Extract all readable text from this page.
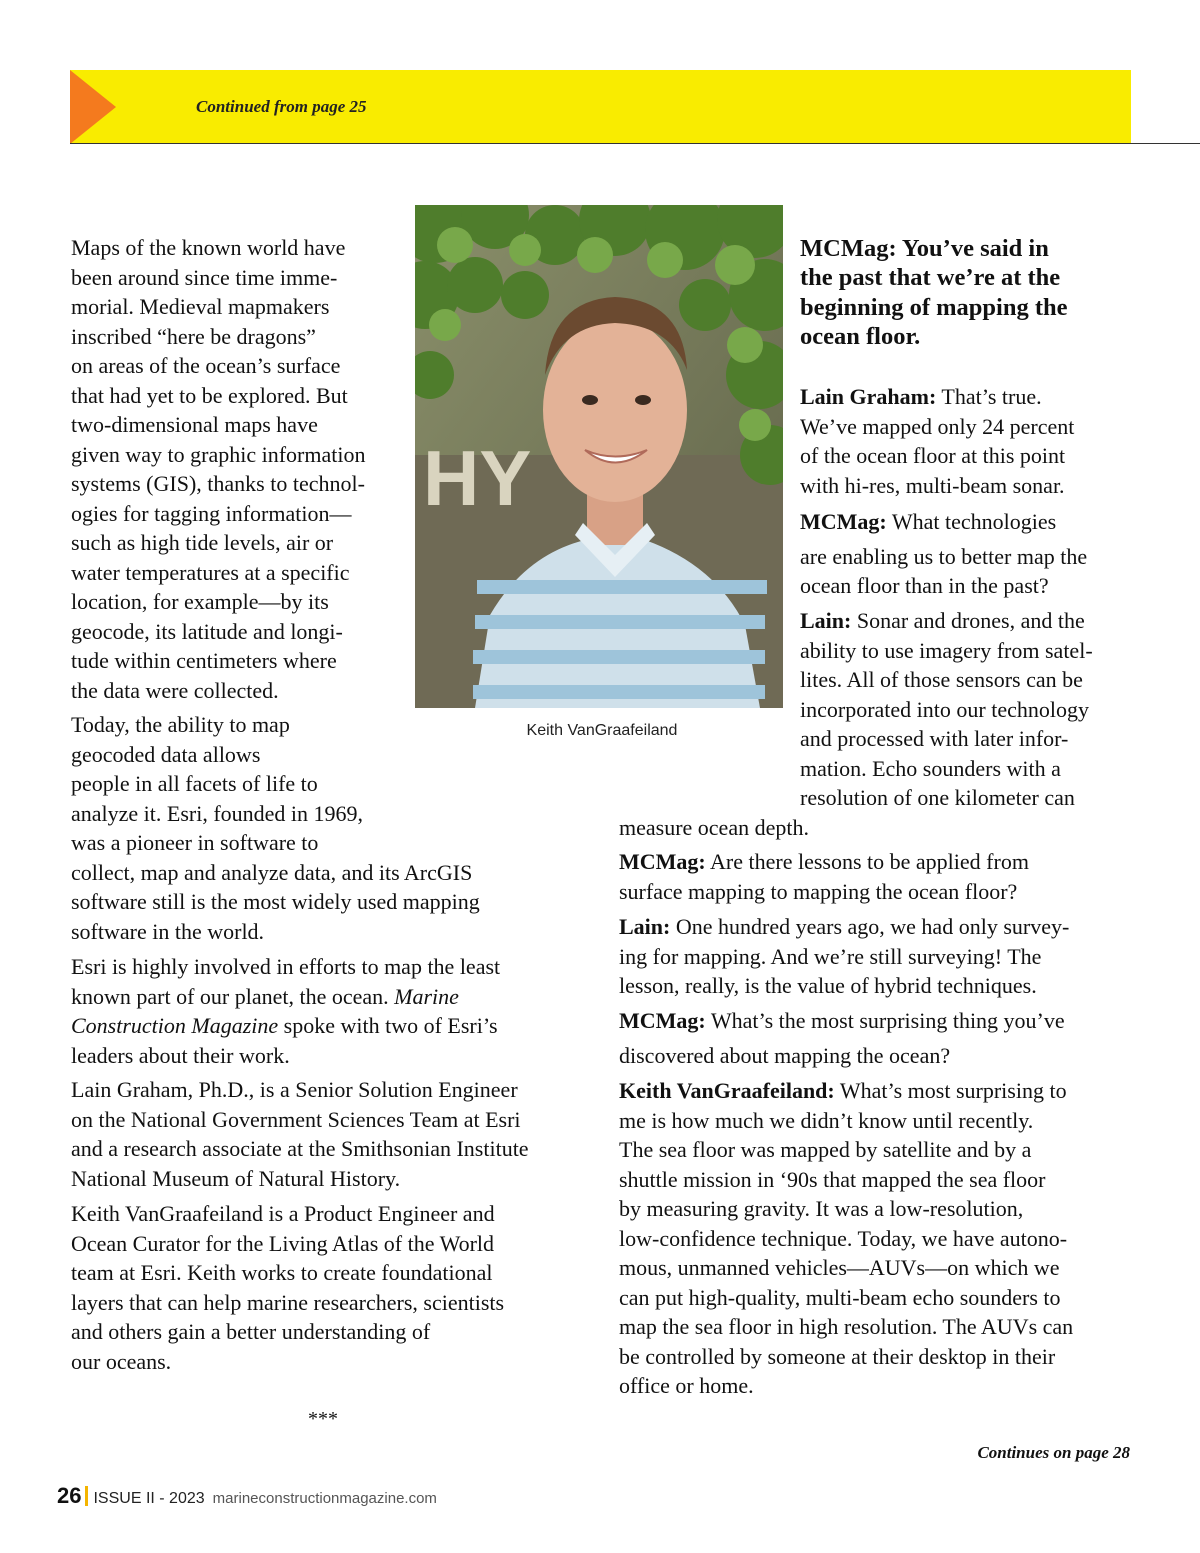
Continued from page 25
HY
Keith VanGraafeiland
Maps of the known world have
been around since time imme-
morial. Medieval mapmakers
inscribed “here be dragons”
on areas of the ocean’s surface
that had yet to be explored. But
two-dimensional maps have
given way to graphic information
systems (GIS), thanks to technol-
ogies for tagging information—
such as high tide levels, air or
water temperatures at a specific
location, for example—by its
geocode, its latitude and longi-
tude within centimeters where
the data were collected.
Today, the ability to map
geocoded data allows
people in all facets of life to
analyze it. Esri, founded in 1969,
was a pioneer in software to
collect, map and analyze data, and its ArcGIS
software still is the most widely used mapping
software in the world.
Esri is highly involved in efforts to map the least
known part of our planet, the ocean. Marine
Construction Magazine spoke with two of Esri’s
leaders about their work.
Lain Graham, Ph.D., is a Senior Solution Engineer
on the National Government Sciences Team at Esri
and a research associate at the Smithsonian Institute
National Museum of Natural History.
Keith VanGraafeiland is a Product Engineer and
Ocean Curator for the Living Atlas of the World
team at Esri. Keith works to create foundational
layers that can help marine researchers, scientists
and others gain a better understanding of
our oceans.
***
MCMag: You’ve said in
the past that we’re at the
beginning of mapping the
ocean floor.
Lain Graham: That’s true.
We’ve mapped only 24 percent
of the ocean floor at this point
with hi-res, multi-beam sonar.
MCMag: What technologies
are enabling us to better map the
ocean floor than in the past?
Lain: Sonar and drones, and the
ability to use imagery from satel-
lites. All of those sensors can be
incorporated into our technology
and processed with later infor-
mation. Echo sounders with a
resolution of one kilometer can
measure ocean depth.
MCMag: Are there lessons to be applied from
surface mapping to mapping the ocean floor?
Lain: One hundred years ago, we had only survey-
ing for mapping. And we’re still surveying! The
lesson, really, is the value of hybrid techniques.
MCMag: What’s the most surprising thing you’ve
discovered about mapping the ocean?
Keith VanGraafeiland: What’s most surprising to
me is how much we didn’t know until recently.
The sea floor was mapped by satellite and by a
shuttle mission in ‘90s that mapped the sea floor
by measuring gravity. It was a low-resolution,
low-confidence technique. Today, we have autono-
mous, unmanned vehicles—AUVs—on which we
can put high-quality, multi-beam echo sounders to
map the sea floor in high resolution. The AUVs can
be controlled by someone at their desktop in their
office or home.
Continues on page 28
26 ISSUE II - 2023 marineconstructionmagazine.com
